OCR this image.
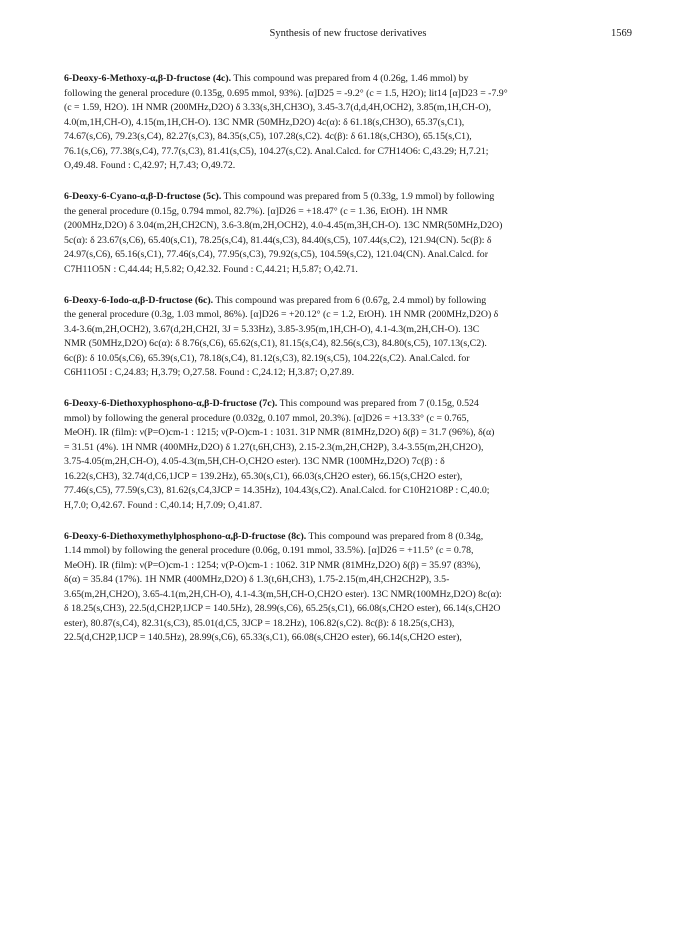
Synthesis of new fructose derivatives	1569
6-Deoxy-6-Methoxy-α,β-D-fructose (4c). This compound was prepared from 4 (0.26g, 1.46 mmol) by
following the general procedure (0.135g, 0.695 mmol, 93%). [α]D25 = -9.2° (c = 1.5, H2O); lit14 [α]D23 = -7.9°
(c = 1.59, H2O). 1H NMR (200MHz,D2O) δ 3.33(s,3H,CH3O), 3.45-3.7(d,d,4H,OCH2), 3.85(m,1H,CH-O),
4.0(m,1H,CH-O), 4.15(m,1H,CH-O). 13C NMR (50MHz,D2O) 4c(α): δ 61.18(s,CH3O), 65.37(s,C1),
74.67(s,C6), 79.23(s,C4), 82.27(s,C3), 84.35(s,C5), 107.28(s,C2). 4c(β): δ 61.18(s,CH3O), 65.15(s,C1),
76.1(s,C6), 77.38(s,C4), 77.7(s,C3), 81.41(s,C5), 104.27(s,C2). Anal.Calcd. for C7H14O6: C,43.29; H,7.21;
O,49.48. Found : C,42.97; H,7.43; O,49.72.
6-Deoxy-6-Cyano-α,β-D-fructose (5c). This compound was prepared from 5 (0.33g, 1.9 mmol) by following
the general procedure (0.15g, 0.794 mmol, 82.7%). [α]D26 = +18.47° (c = 1.36, EtOH). 1H NMR
(200MHz,D2O) δ 3.04(m,2H,CH2CN), 3.6-3.8(m,2H,OCH2), 4.0-4.45(m,3H,CH-O). 13C NMR(50MHz,D2O)
5c(α): δ 23.67(s,C6), 65.40(s,C1), 78.25(s,C4), 81.44(s,C3), 84.40(s,C5), 107.44(s,C2), 121.94(CN). 5c(β): δ
24.97(s,C6), 65.16(s,C1), 77.46(s,C4), 77.95(s,C3), 79.92(s,C5), 104.59(s,C2), 121.04(CN). Anal.Calcd. for
C7H11O5N : C,44.44; H,5.82; O,42.32. Found : C,44.21; H,5.87; O,42.71.
6-Deoxy-6-Iodo-α,β-D-fructose (6c). This compound was prepared from 6 (0.67g, 2.4 mmol) by following
the general procedure (0.3g, 1.03 mmol, 86%). [α]D26 = +20.12° (c = 1.2, EtOH). 1H NMR (200MHz,D2O) δ
3.4-3.6(m,2H,OCH2), 3.67(d,2H,CH2I, 3J = 5.33Hz), 3.85-3.95(m,1H,CH-O), 4.1-4.3(m,2H,CH-O). 13C
NMR (50MHz,D2O) 6c(α): δ 8.76(s,C6), 65.62(s,C1), 81.15(s,C4), 82.56(s,C3), 84.80(s,C5), 107.13(s,C2).
6c(β): δ 10.05(s,C6), 65.39(s,C1), 78.18(s,C4), 81.12(s,C3), 82.19(s,C5), 104.22(s,C2). Anal.Calcd. for
C6H11O5I : C,24.83; H,3.79; O,27.58. Found : C,24.12; H,3.87; O,27.89.
6-Deoxy-6-Diethoxyphosphono-α,β-D-fructose (7c). This compound was prepared from 7 (0.15g, 0.524
mmol) by following the general procedure (0.032g, 0.107 mmol, 20.3%). [α]D26 = +13.33° (c = 0.765,
MeOH). IR (film): ν(P=O)cm-1 : 1215; ν(P-O)cm-1 : 1031. 31P NMR (81MHz,D2O) δ(β) = 31.7 (96%), δ(α)
= 31.51 (4%). 1H NMR (400MHz,D2O) δ 1.27(t,6H,CH3), 2.15-2.3(m,2H,CH2P), 3.4-3.55(m,2H,CH2O),
3.75-4.05(m,2H,CH-O), 4.05-4.3(m,5H,CH-O,CH2O ester). 13C NMR (100MHz,D2O) 7c(β) : δ
16.22(s,CH3), 32.74(d,C6,1JCP = 139.2Hz), 65.30(s,C1), 66.03(s,CH2O ester), 66.15(s,CH2O ester),
77.46(s,C5), 77.59(s,C3), 81.62(s,C4,3JCP = 14.35Hz), 104.43(s,C2). Anal.Calcd. for C10H21O8P : C,40.0;
H,7.0; O,42.67. Found : C,40.14; H,7.09; O,41.87.
6-Deoxy-6-Diethoxymethylphosphono-α,β-D-fructose (8c). This compound was prepared from 8 (0.34g,
1.14 mmol) by following the general procedure (0.06g, 0.191 mmol, 33.5%). [α]D26 = +11.5° (c = 0.78,
MeOH). IR (film): ν(P=O)cm-1 : 1254; ν(P-O)cm-1 : 1062. 31P NMR (81MHz,D2O) δ(β) = 35.97 (83%),
δ(α) = 35.84 (17%). 1H NMR (400MHz,D2O) δ 1.3(t,6H,CH3), 1.75-2.15(m,4H,CH2CH2P), 3.5-
3.65(m,2H,CH2O), 3.65-4.1(m,2H,CH-O), 4.1-4.3(m,5H,CH-O,CH2O ester). 13C NMR(100MHz,D2O) 8c(α):
δ 18.25(s,CH3), 22.5(d,CH2P,1JCP = 140.5Hz), 28.99(s,C6), 65.25(s,C1), 66.08(s,CH2O ester), 66.14(s,CH2O
ester), 80.87(s,C4), 82.31(s,C3), 85.01(d,C5, 3JCP = 18.2Hz), 106.82(s,C2). 8c(β): δ 18.25(s,CH3),
22.5(d,CH2P,1JCP = 140.5Hz), 28.99(s,C6), 65.33(s,C1), 66.08(s,CH2O ester), 66.14(s,CH2O ester),
